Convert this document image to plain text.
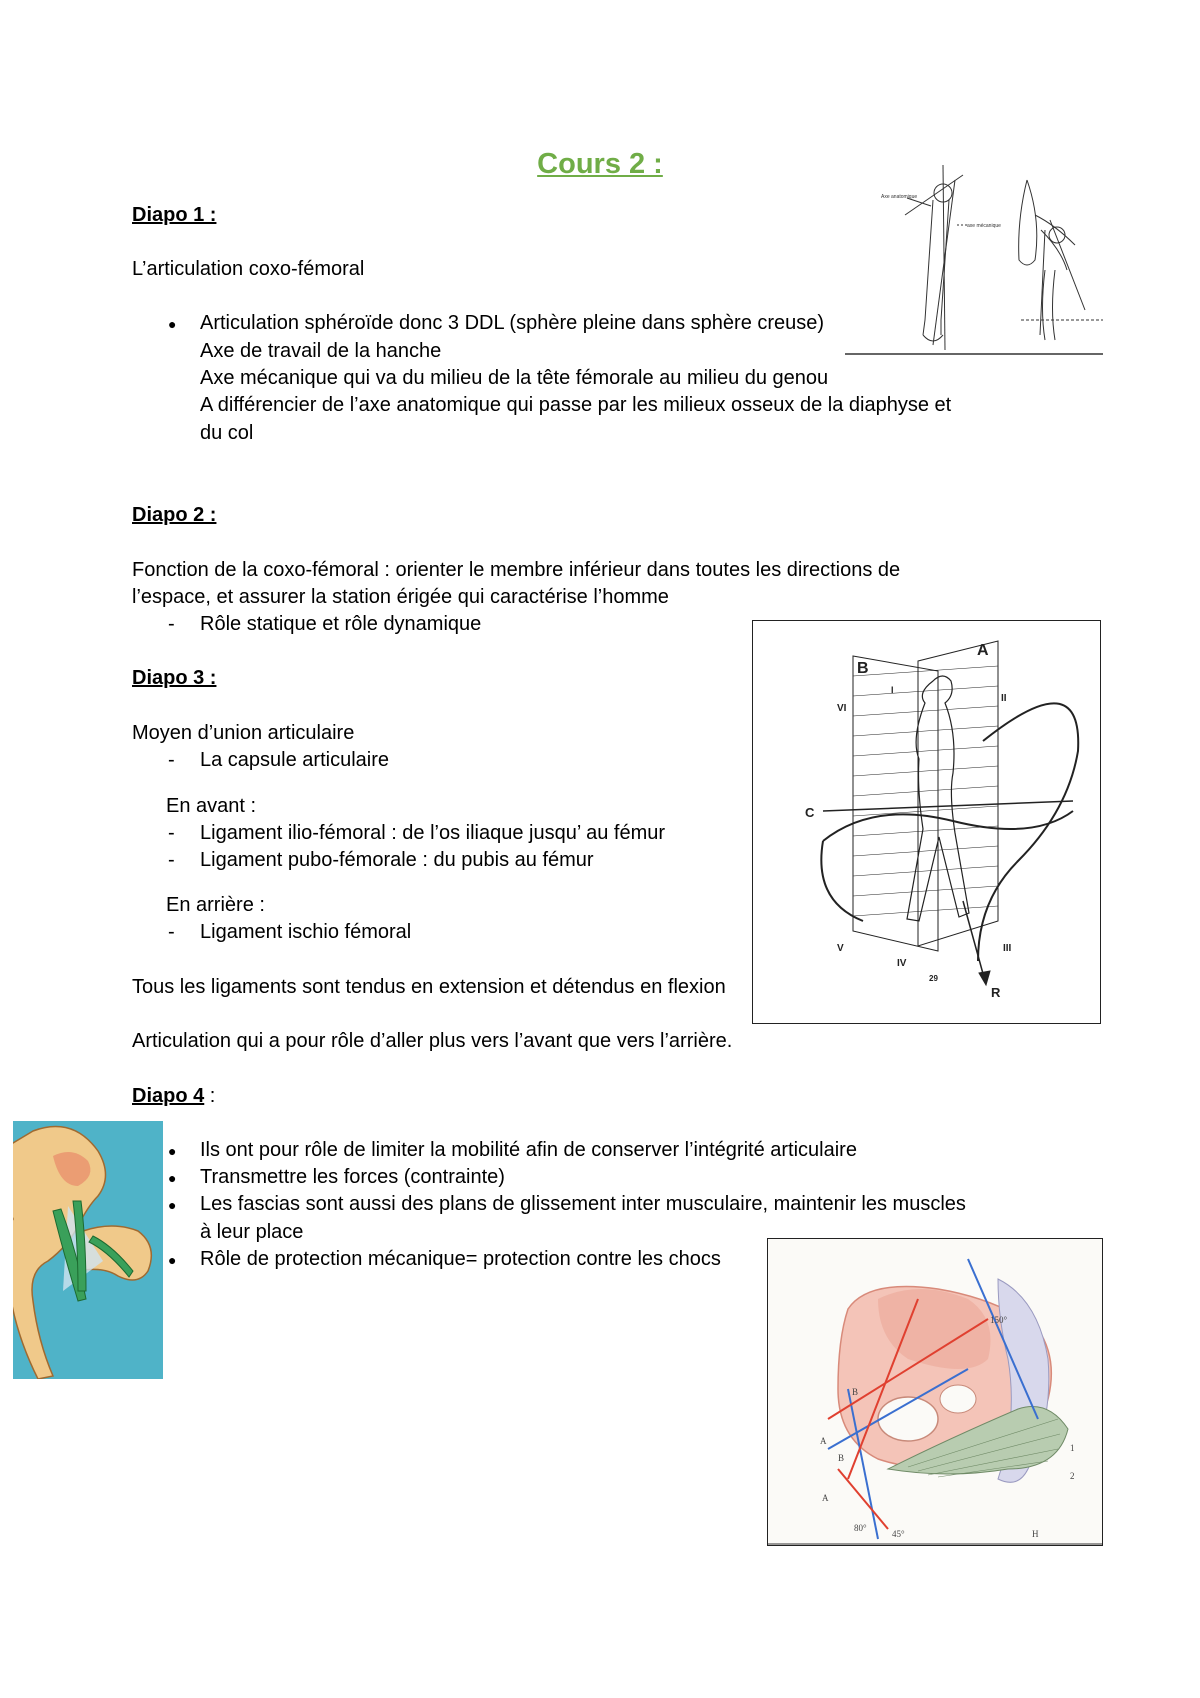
Cours 2 :
Diapo 1 :
L’articulation coxo-fémoral
● Articulation sphéroïde donc 3 DDL (sphère pleine dans sphère creuse)
Axe de travail de la hanche
Axe mécanique qui va du milieu de la tête fémorale au milieu du genou
A différencier de l’axe anatomique qui passe par les milieux osseux de la diaphyse et
du col
Axe anatomique
axe mécanique
Diapo 2 :
Fonction de la coxo-fémoral : orienter le membre inférieur dans toutes les directions de
l’espace, et assurer la station érigée qui caractérise l’homme
- Rôle statique et rôle dynamique
Diapo 3 :
Moyen d’union articulaire
- La capsule articulaire
En avant :
- Ligament ilio-fémoral : de l’os iliaque jusqu’ au fémur
- Ligament pubo-fémorale : du pubis au fémur
En arrière :
- Ligament ischio fémoral
Tous les ligaments sont tendus en extension et détendus en flexion
Articulation qui a pour rôle d’aller plus vers l’avant que vers l’arrière.
B
A
C
R
I
II
III
IV
V
VI
29
Diapo 4 :
● Ils ont pour rôle de limiter la mobilité afin de conserver l’intégrité articulaire
● Transmettre les forces (contrainte)
● Les fascias sont aussi des plans de glissement inter musculaire, maintenir les muscles
à leur place
● Rôle de protection mécanique= protection contre les chocs
A
B
B
A
150°
80°
45°
1
2
H
